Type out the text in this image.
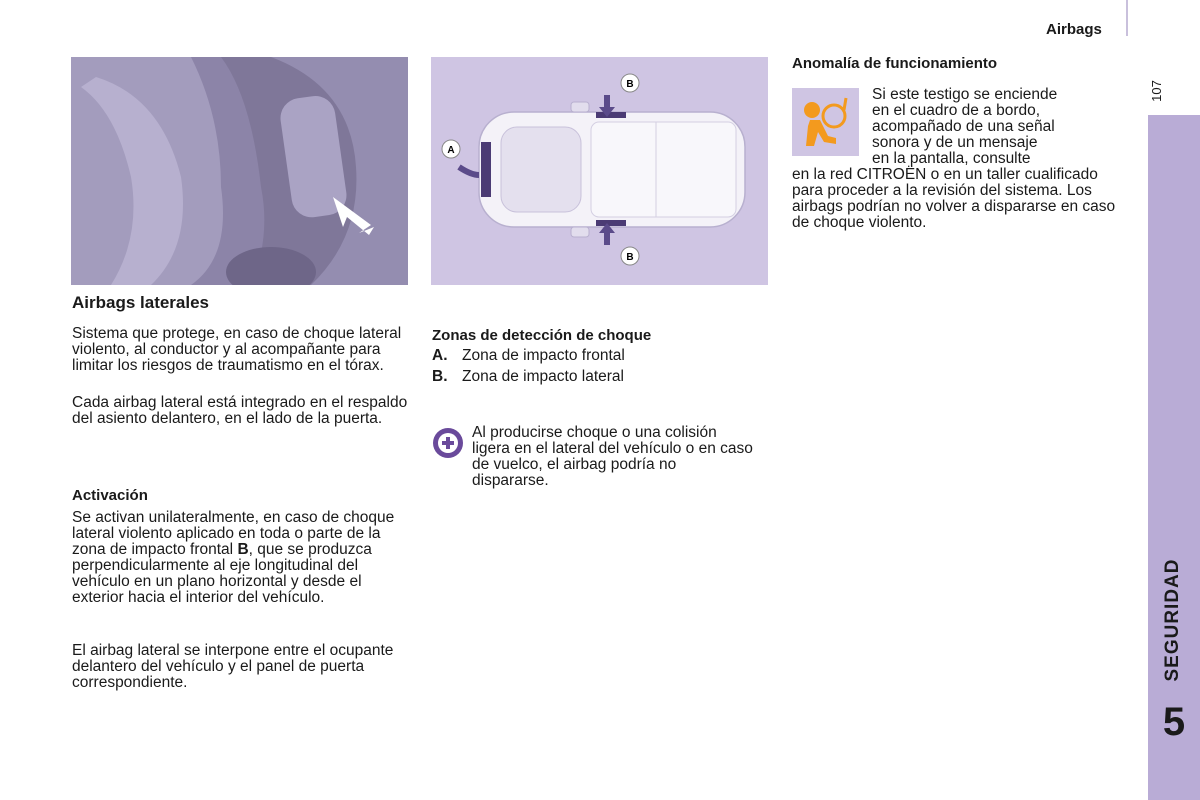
Airbags
107
SEGURIDAD
5
A
B
B
Airbags laterales
Sistema que protege, en caso de choque lateral violento, al conductor y al acompañante para limitar los riesgos de traumatismo en el tórax.
Cada airbag lateral está integrado en el respaldo del asiento delantero, en el lado de la puerta.
Activación
Se activan unilateralmente, en caso de choque lateral violento aplicado en toda o parte de la zona de impacto frontal B, que se produzca perpendicularmente al eje longitudinal del vehículo en un plano horizontal y desde el exterior hacia el interior del vehículo.
El airbag lateral se interpone entre el ocupante delantero del vehículo y el panel de puerta correspondiente.
Zonas de detección de choque
A. Zona de impacto frontal
B. Zona de impacto lateral
Al producirse choque o una colisión ligera en el lateral del vehículo o en caso de vuelco, el airbag podría no dispararse.
Anomalía de funcionamiento
Si este testigo se enciende
en el cuadro de a bordo,
acompañado de una señal
sonora y de un mensaje
en la pantalla, consulte
en la red CITROËN o en un taller cualificado para proceder a la revisión del sistema. Los airbags podrían no volver a dispararse en caso de choque violento.
